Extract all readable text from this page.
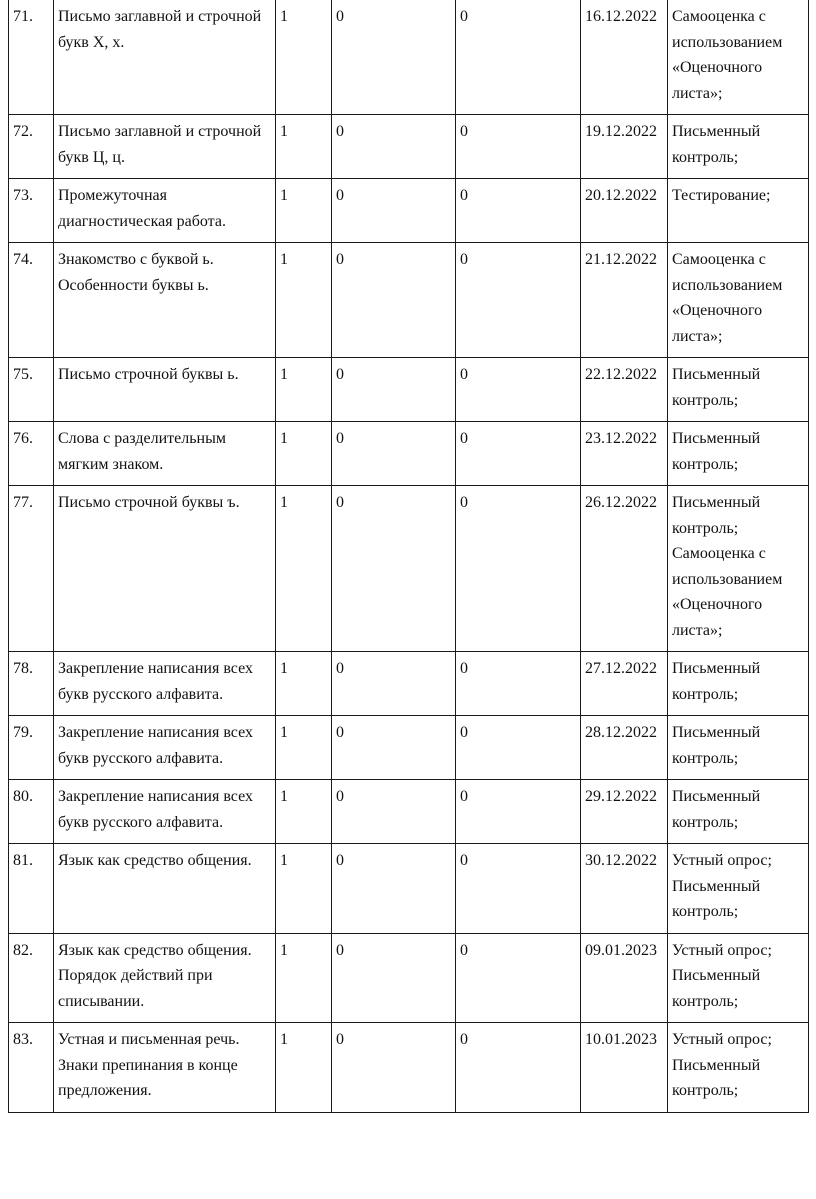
71.	Письмо заглавной и строчной букв Х, х.	1	0	0	16.12.2022	Самооценка с использованием «Оценочного листа»;

72.	Письмо заглавной и строчной букв Ц, ц.	1	0	0	19.12.2022	Письменный контроль;

73.	Промежуточная диагностическая работа.	1	0	0	20.12.2022	Тестирование;

74.	Знакомство с буквой ь. Особенности буквы ь.	1	0	0	21.12.2022	Самооценка с использованием «Оценочного листа»;

75.	Письмо строчной буквы ь.	1	0	0	22.12.2022	Письменный контроль;

76.	Слова с разделительным мягким знаком.	1	0	0	23.12.2022	Письменный контроль;

77.	Письмо строчной буквы ъ.	1	0	0	26.12.2022	Письменный контроль;
Самооценка с использованием «Оценочного листа»;

78.	Закрепление написания всех букв русского алфавита.	1	0	0	27.12.2022	Письменный контроль;

79.	Закрепление написания всех букв русского алфавита.	1	0	0	28.12.2022	Письменный контроль;

80.	Закрепление написания всех букв русского алфавита.	1	0	0	29.12.2022	Письменный контроль;

81.	Язык как средство общения.	1	0	0	30.12.2022	Устный опрос;
Письменный контроль;

82.	Язык как средство общения. Порядок действий при списывании.	1	0	0	09.01.2023	Устный опрос;
Письменный контроль;

83.	Устная и письменная речь. Знаки препинания в конце предложения.	1	0	0	10.01.2023	Устный опрос;
Письменный контроль;
